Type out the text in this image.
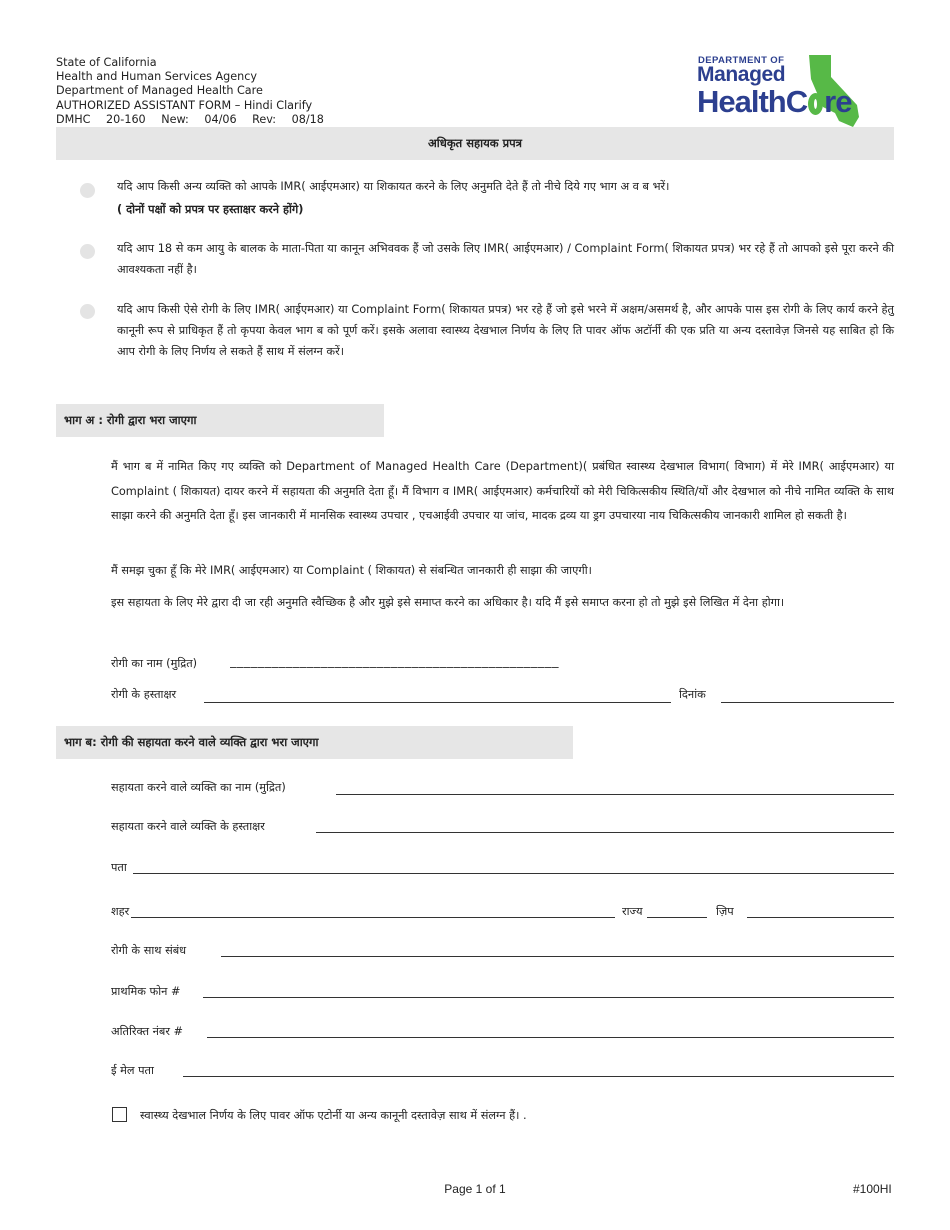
State of California
Health and Human Services Agency
Department of Managed Health Care
AUTHORIZED ASSISTANT FORM – Hindi Clarify
DMHC 20-160 New: 04/06 Rev: 08/18
DEPARTMENT OF
Managed
HealthC re
अधिकृत सहायक प्रपत्र
यदि आप किसी अन्य व्यक्ति को आपके IMR( आईएमआर) या शिकायत करने के लिए अनुमति देते हैं तो नीचे दिये गए भाग अ व ब भरें।
( दोनों पक्षों को प्रपत्र पर हस्ताक्षर करने होंगे)
यदि आप 18 से कम आयु के बालक के माता-पिता या कानून अभिववक हैं जो उसके लिए IMR( आईएमआर) / Complaint Form( शिकायत प्रपत्र) भर रहे हैं तो आपको इसे पूरा करने की आवश्यकता नहीं है।
यदि आप किसी ऐसे रोगी के लिए IMR( आईएमआर) या Complaint Form( शिकायत प्रपत्र) भर रहे हैं जो इसे भरने में अक्षम/असमर्थ है, और आपके पास इस रोगी के लिए कार्य करने हेतु कानूनी रूप से प्राधिकृत हैं तो कृपया केवल भाग ब को पूर्ण करें। इसके अलावा स्वास्थ्य देखभाल निर्णय के लिए ति पावर ऑफ अटॉर्नी की एक प्रति या अन्य दस्तावेज़ जिनसे यह साबित हो कि आप रोगी के लिए निर्णय ले सकते हैं साथ में संलग्न करें।
भाग अ : रोगी द्वारा भरा जाएगा
मैं भाग ब में नामित किए गए व्यक्ति को Department of Managed Health Care (Department)( प्रबंधित स्वास्थ्य देखभाल विभाग( विभाग) में मेरे IMR( आईएमआर) या Complaint ( शिकायत) दायर करने में सहायता की अनुमति देता हूँ। मैं विभाग व IMR( आईएमआर) कर्मचारियों को मेरी चिकित्सकीय स्थिति/यों और देखभाल को नीचे नामित व्यक्ति के साथ साझा करने की अनुमति देता हूँ। इस जानकारी में मानसिक स्वास्थ्य उपचार , एचआईवी उपचार या जांच, मादक द्रव्य या ड्रग उपचारया नाय चिकित्सकीय जानकारी शामिल हो सकती है।
मैं समझ चुका हूँ कि मेरे IMR( आईएमआर) या Complaint ( शिकायत) से संबन्धित जानकारी ही साझा की जाएगी।
इस सहायता के लिए मेरे द्वारा दी जा रही अनुमति स्वैच्छिक है और मुझे इसे समाप्त करने का अधिकार है। यदि मैं इसे समाप्त करना हो तो मुझे इसे लिखित में देना होगा।
रोगी का नाम (मुद्रित)	_______________________________________________
रोगी के हस्ताक्षर	दिनांक
भाग ब: रोगी की सहायता करने वाले व्यक्ति द्वारा भरा जाएगा
सहायता करने वाले व्यक्ति का नाम (मुद्रित)
सहायता करने वाले व्यक्ति के हस्ताक्षर
पता
शहर	राज्य	ज़िप
रोगी के साथ संबंध
प्राथमिक फोन #
अतिरिक्त नंबर #
ई मेल पता
स्वास्थ्य देखभाल निर्णय के लिए पावर ऑफ एटोर्नी या अन्य कानूनी दस्तावेज़ साथ में संलग्न हैं। .
Page 1 of 1	#100HI
